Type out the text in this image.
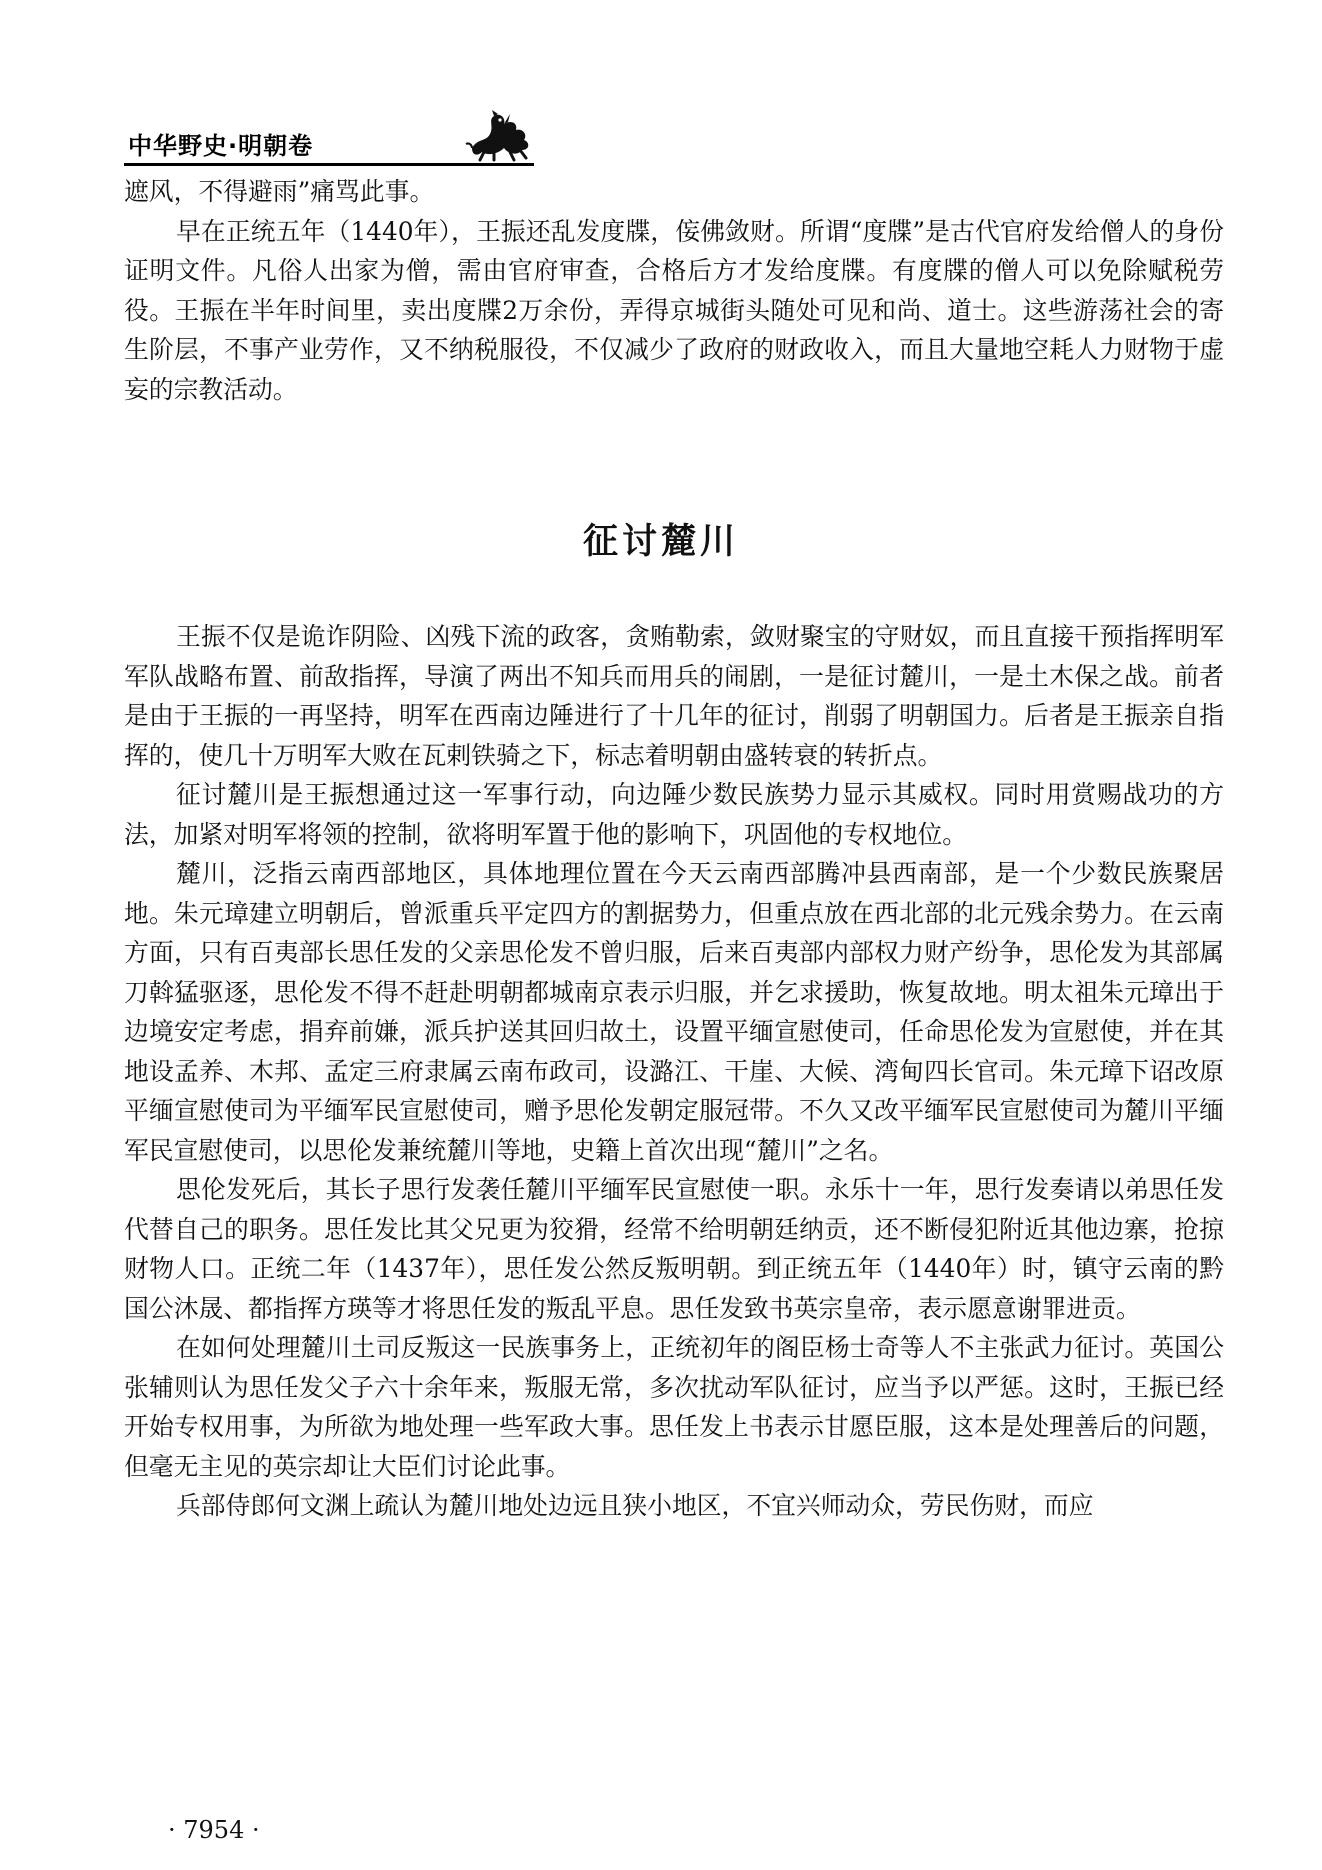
中华野史·明朝卷

遮风，不得避雨”痛骂此事。

早在正统五年（1440年），王振还乱发度牒，侫佛敛财。所谓“度牒”是古代官府发给僧人的身份证明文件。凡俗人出家为僧，需由官府审查，合格后方才发给度牒。有度牒的僧人可以免除赋税劳役。王振在半年时间里，卖出度牒2万余份，弄得京城街头随处可见和尚、道士。这些游荡社会的寄生阶层，不事产业劳作，又不纳税服役，不仅减少了政府的财政收入，而且大量地空耗人力财物于虚妄的宗教活动。

征讨麓川

王振不仅是诡诈阴险、凶残下流的政客，贪贿勒索，敛财聚宝的守财奴，而且直接干预指挥明军军队战略布置、前敌指挥，导演了两出不知兵而用兵的闹剧，一是征讨麓川，一是土木保之战。前者是由于王振的一再坚持，明军在西南边陲进行了十几年的征讨，削弱了明朝国力。后者是王振亲自指挥的，使几十万明军大败在瓦剌铁骑之下，标志着明朝由盛转衰的转折点。

征讨麓川是王振想通过这一军事行动，向边陲少数民族势力显示其威权。同时用赏赐战功的方法，加紧对明军将领的控制，欲将明军置于他的影响下，巩固他的专权地位。

麓川，泛指云南西部地区，具体地理位置在今天云南西部腾冲县西南部，是一个少数民族聚居地。朱元璋建立明朝后，曾派重兵平定四方的割据势力，但重点放在西北部的北元残余势力。在云南方面，只有百夷部长思任发的父亲思伦发不曾归服，后来百夷部内部权力财产纷争，思伦发为其部属刀斡猛驱逐，思伦发不得不赶赴明朝都城南京表示归服，并乞求援助，恢复故地。明太祖朱元璋出于边境安定考虑，捐弃前嫌，派兵护送其回归故土，设置平缅宣慰使司，任命思伦发为宣慰使，并在其地设孟养、木邦、孟定三府隶属云南布政司，设潞江、干崖、大候、湾甸四长官司。朱元璋下诏改原平缅宣慰使司为平缅军民宣慰使司，赠予思伦发朝定服冠带。不久又改平缅军民宣慰使司为麓川平缅军民宣慰使司，以思伦发兼统麓川等地，史籍上首次出现“麓川”之名。

思伦发死后，其长子思行发袭任麓川平缅军民宣慰使一职。永乐十一年，思行发奏请以弟思任发代替自己的职务。思任发比其父兄更为狡猾，经常不给明朝廷纳贡，还不断侵犯附近其他边寨，抢掠财物人口。正统二年（1437年），思任发公然反叛明朝。到正统五年（1440年）时，镇守云南的黔国公沐晟、都指挥方瑛等才将思任发的叛乱平息。思任发致书英宗皇帝，表示愿意谢罪进贡。

在如何处理麓川土司反叛这一民族事务上，正统初年的阁臣杨士奇等人不主张武力征讨。英国公张辅则认为思任发父子六十余年来，叛服无常，多次扰动军队征讨，应当予以严惩。这时，王振已经开始专权用事，为所欲为地处理一些军政大事。思任发上书表示甘愿臣服，这本是处理善后的问题，但毫无主见的英宗却让大臣们讨论此事。

兵部侍郎何文渊上疏认为麓川地处边远且狭小地区，不宜兴师动众，劳民伤财，而应

· 7954 ·
